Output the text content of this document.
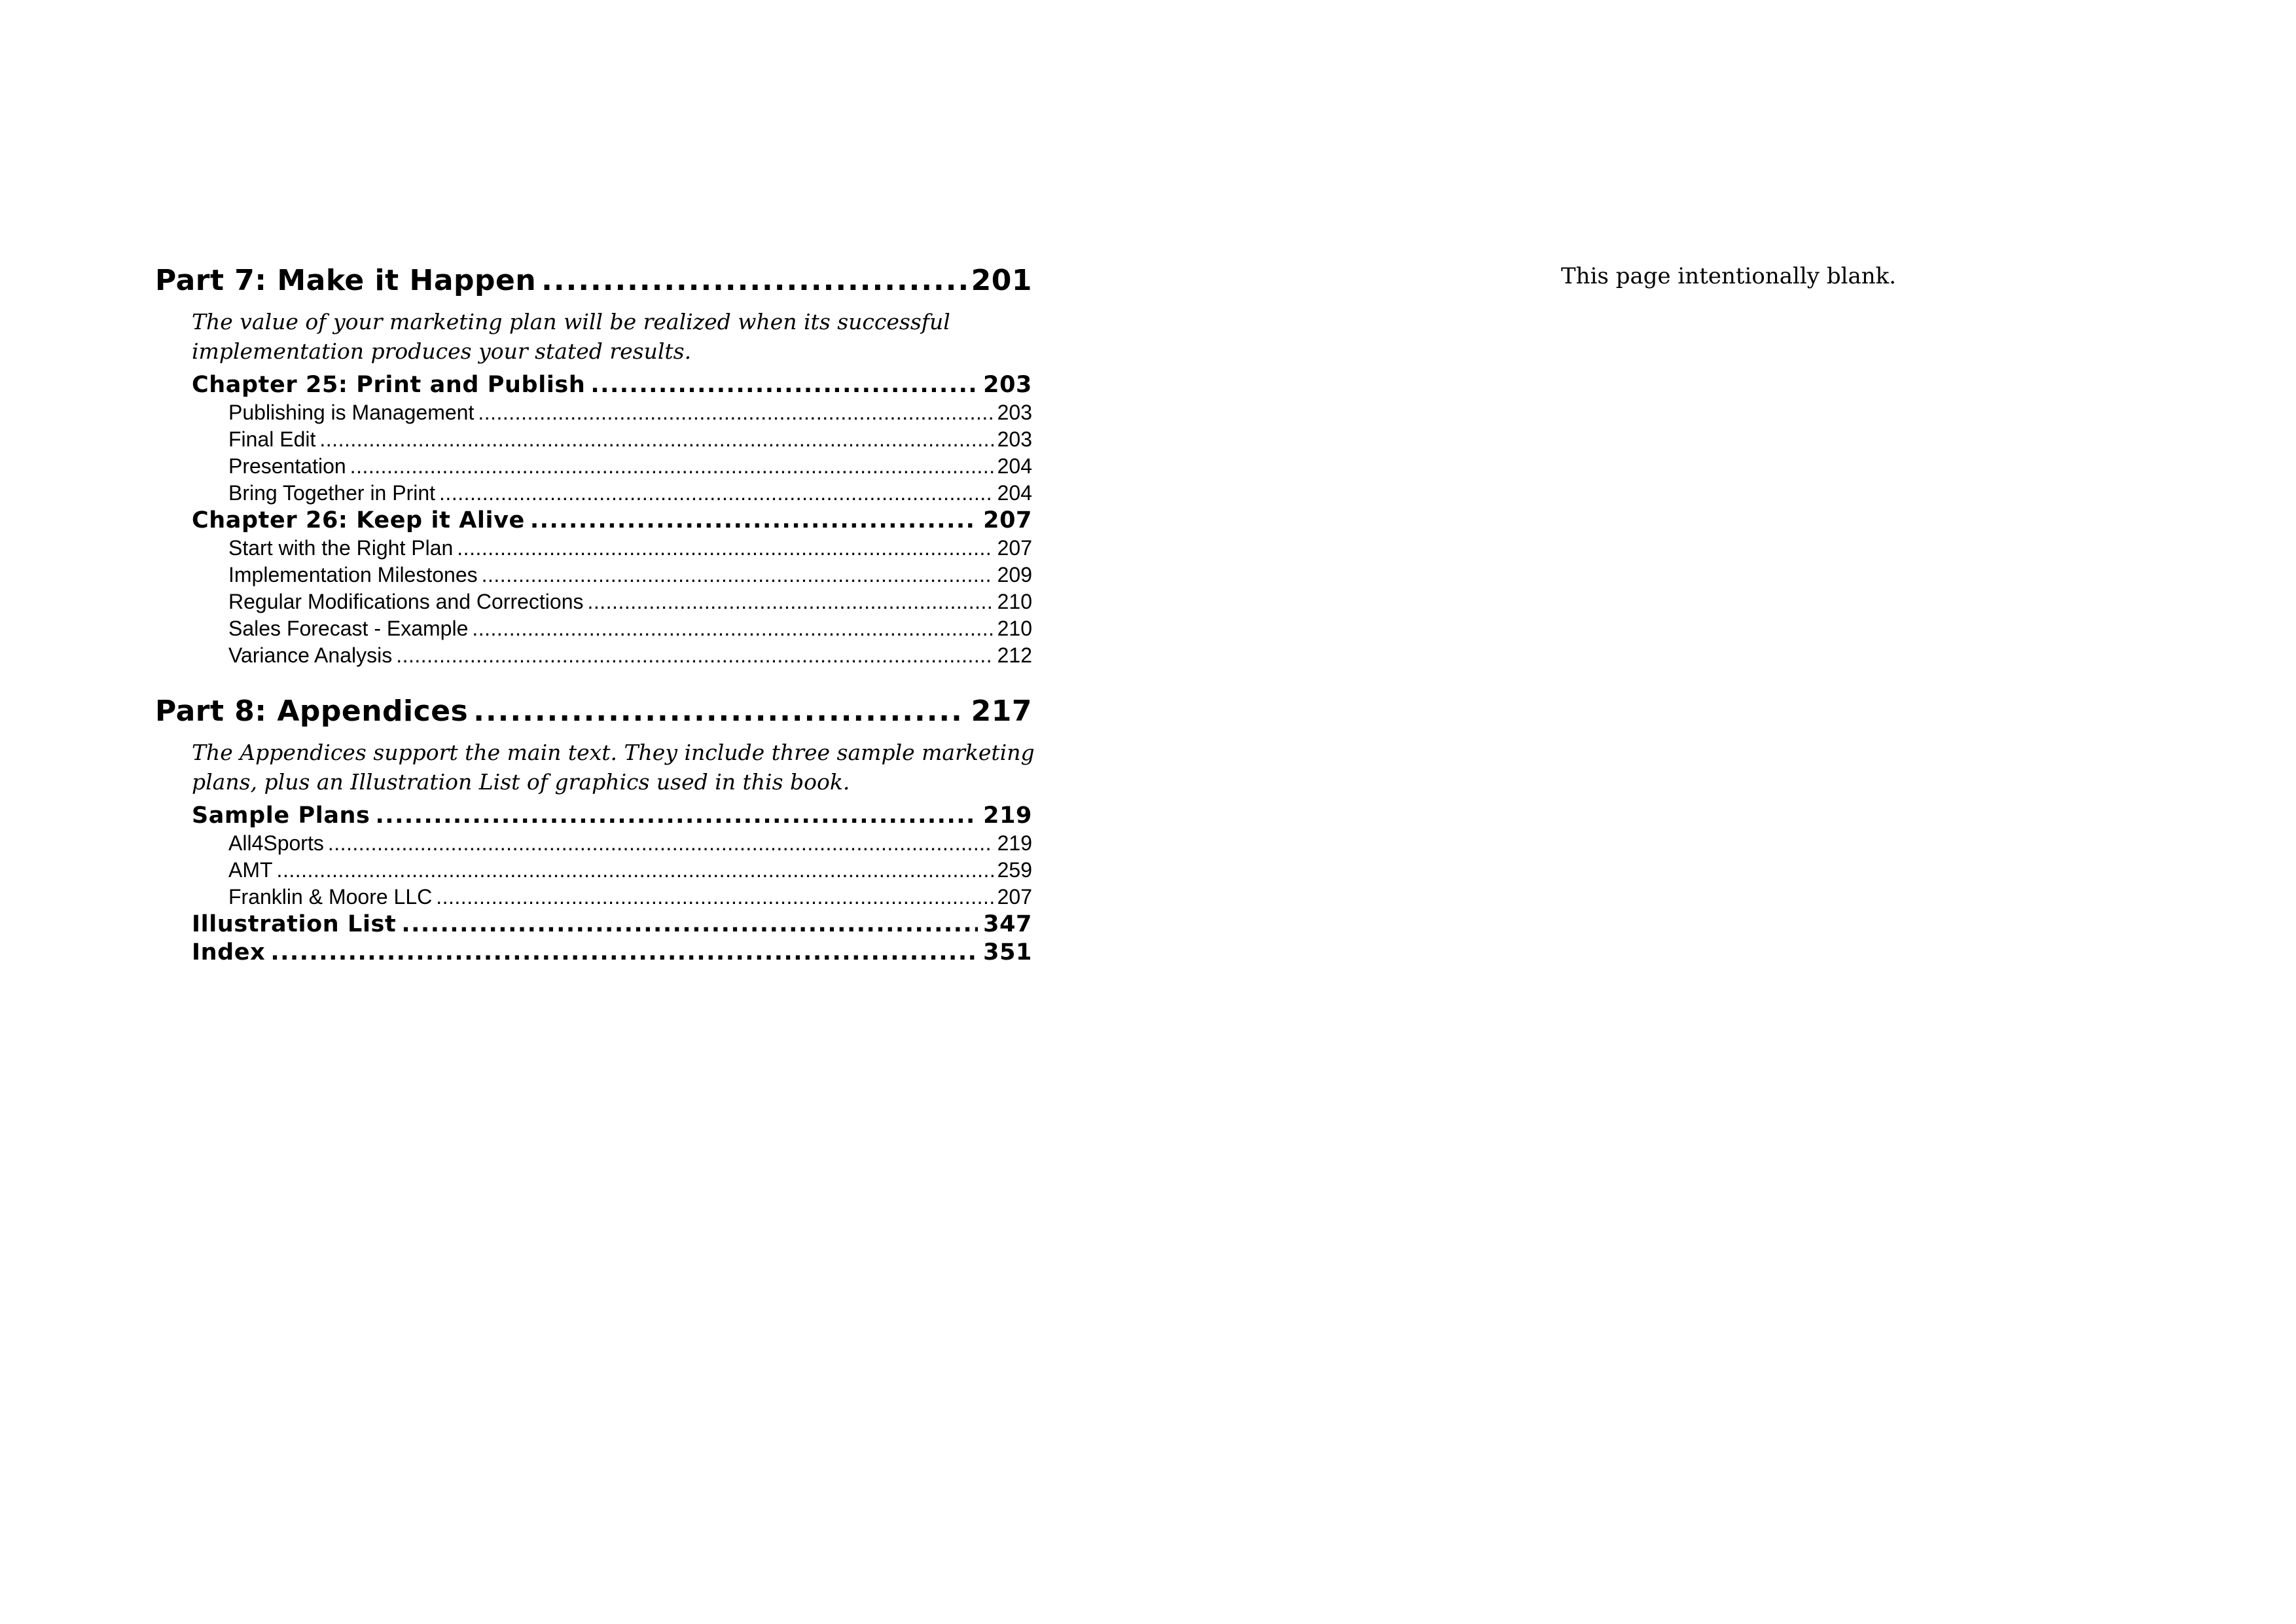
Part 7: Make it Happen .....	201
The value of your marketing plan will be realized when its successful implementation produces your stated results.
Chapter 25: Print and Publish .....	203
Publishing is Management .....	203
Final Edit .....	203
Presentation .....	204
Bring Together in Print .....	204
Chapter 26: Keep it Alive .....	207
Start with the Right Plan .....	207
Implementation Milestones .....	209
Regular Modifications and Corrections .....	210
Sales Forecast - Example .....	210
Variance Analysis .....	212
Part 8: Appendices .....	217
The Appendices support the main text. They include three sample marketing plans, plus an Illustration List of graphics used in this book.
Sample Plans .....	219
All4Sports .....	219
AMT .....	259
Franklin & Moore LLC .....	207
Illustration List .....	347
Index .....	351
This page intentionally blank.
